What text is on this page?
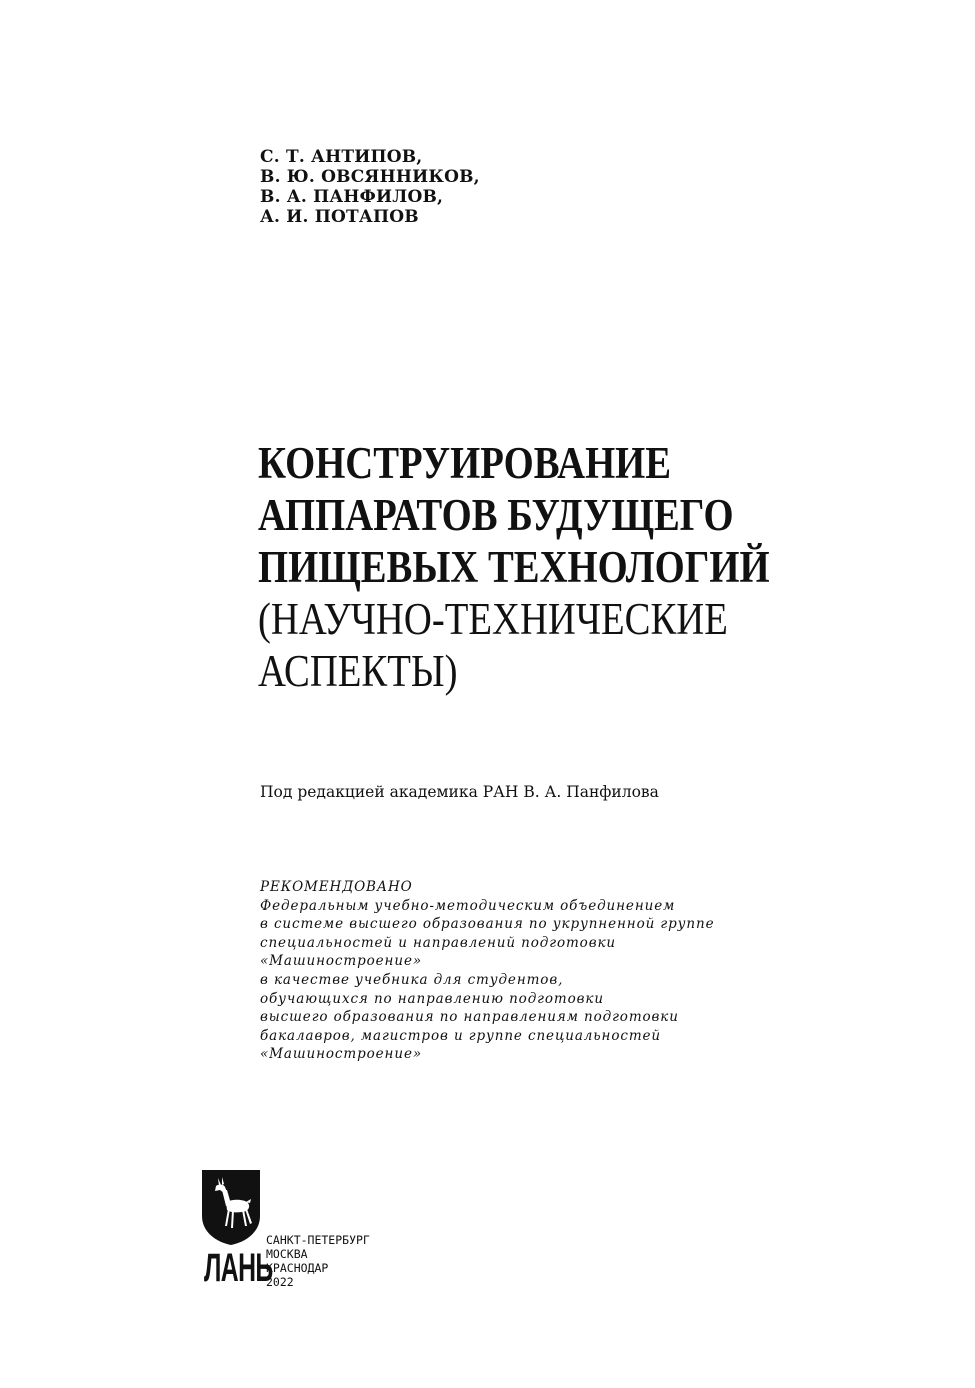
С. Т. АНТИПОВ,
В. Ю. ОВСЯННИКОВ,
В. А. ПАНФИЛОВ,
А. И. ПОТАПОВ
КОНСТРУИРОВАНИЕ
АППАРАТОВ БУДУЩЕГО
ПИЩЕВЫХ ТЕХНОЛОГИЙ
(НАУЧНО-ТЕХНИЧЕСКИЕ
АСПЕКТЫ)
Под редакцией академика РАН В. А. Панфилова
РЕКОМЕНДОВАНО
Федеральным учебно-методическим объединением
в системе высшего образования по укрупненной группе
специальностей и направлений подготовки
«Машиностроение»
в качестве учебника для студентов,
обучающихся по направлению подготовки
высшего образования по направлениям подготовки
бакалавров, магистров и группе специальностей
«Машиностроение»
ЛАНЬ
САНКТ-ПЕТЕРБУРГ
МОСКВА
КРАСНОДАР
2022
